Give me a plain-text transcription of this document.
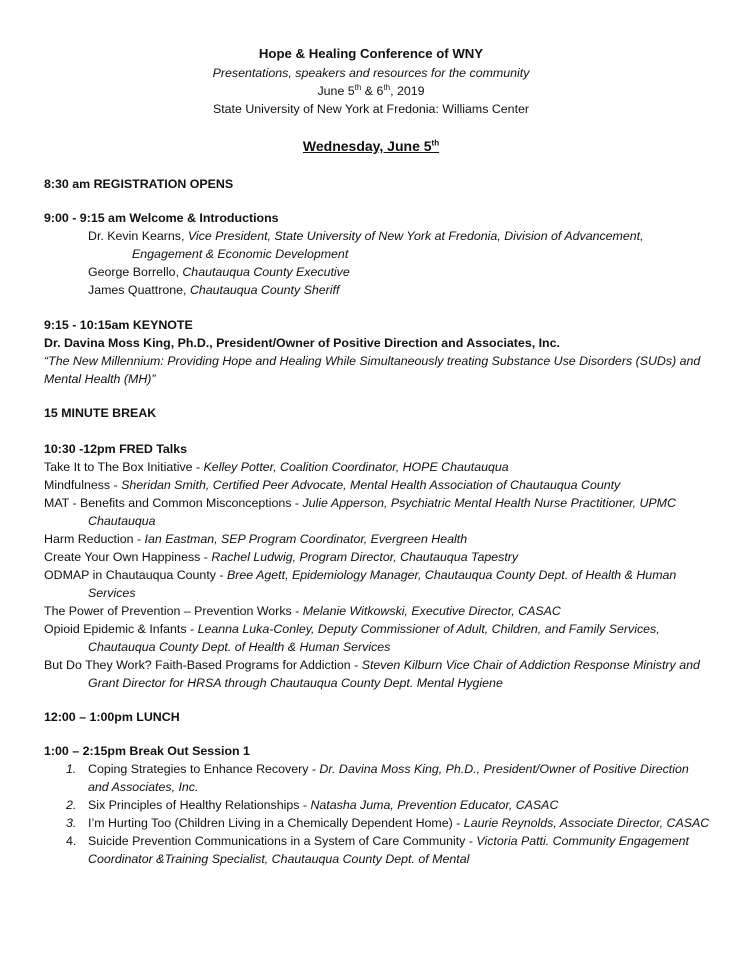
Hope & Healing Conference of WNY
Presentations, speakers and resources for the community
June 5th & 6th, 2019
State University of New York at Fredonia: Williams Center
Wednesday, June 5th
8:30 am REGISTRATION OPENS
9:00 - 9:15 am Welcome & Introductions
Dr. Kevin Kearns, Vice President, State University of New York at Fredonia, Division of Advancement,
Engagement & Economic Development
George Borrello, Chautauqua County Executive
James Quattrone, Chautauqua County Sheriff
9:15 - 10:15am KEYNOTE
Dr. Davina Moss King, Ph.D., President/Owner of Positive Direction and Associates, Inc.
“The New Millennium: Providing Hope and Healing While Simultaneously treating Substance Use Disorders (SUDs) and Mental Health (MH)”
15 MINUTE BREAK
10:30 -12pm FRED Talks
Take It to The Box Initiative - Kelley Potter, Coalition Coordinator, HOPE Chautauqua
Mindfulness - Sheridan Smith, Certified Peer Advocate, Mental Health Association of Chautauqua County
MAT - Benefits and Common Misconceptions - Julie Apperson, Psychiatric Mental Health Nurse Practitioner, UPMC Chautauqua
Harm Reduction - Ian Eastman, SEP Program Coordinator, Evergreen Health
Create Your Own Happiness - Rachel Ludwig, Program Director, Chautauqua Tapestry
ODMAP in Chautauqua County - Bree Agett, Epidemiology Manager, Chautauqua County Dept. of Health & Human Services
The Power of Prevention – Prevention Works - Melanie Witkowski, Executive Director, CASAC
Opioid Epidemic & Infants - Leanna Luka-Conley, Deputy Commissioner of Adult, Children, and Family Services, Chautauqua County Dept. of Health & Human Services
But Do They Work? Faith-Based Programs for Addiction - Steven Kilburn Vice Chair of Addiction Response Ministry and Grant Director for HRSA through Chautauqua County Dept. Mental Hygiene
12:00 – 1:00pm LUNCH
1:00 – 2:15pm Break Out Session 1
1. Coping Strategies to Enhance Recovery - Dr. Davina Moss King, Ph.D., President/Owner of Positive Direction and Associates, Inc.
2. Six Principles of Healthy Relationships - Natasha Juma, Prevention Educator, CASAC
3. I’m Hurting Too (Children Living in a Chemically Dependent Home) - Laurie Reynolds, Associate Director, CASAC
4. Suicide Prevention Communications in a System of Care Community - Victoria Patti. Community Engagement Coordinator &Training Specialist, Chautauqua County Dept. of Mental
